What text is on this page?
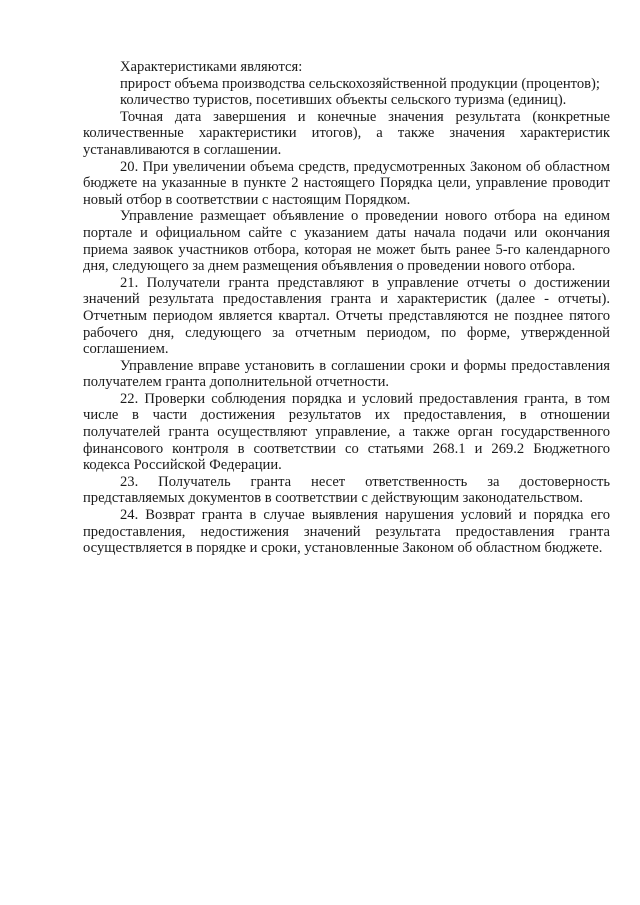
Характеристиками являются:

прирост объема производства сельскохозяйственной продукции (процентов);

количество туристов, посетивших объекты сельского туризма (единиц).

Точная дата завершения и конечные значения результата (конкретные количественные характеристики итогов), а также значения характеристик устанавливаются в соглашении.

20. При увеличении объема средств, предусмотренных Законом об областном бюджете на указанные в пункте 2 настоящего Порядка цели, управление проводит новый отбор в соответствии с настоящим Порядком.

Управление размещает объявление о проведении нового отбора на едином портале и официальном сайте с указанием даты начала подачи или окончания приема заявок участников отбора, которая не может быть ранее 5-го календарного дня, следующего за днем размещения объявления о проведении нового отбора.

21. Получатели гранта представляют в управление отчеты о достижении значений результата предоставления гранта и характеристик (далее - отчеты). Отчетным периодом является квартал. Отчеты представляются не позднее пятого рабочего дня, следующего за отчетным периодом, по форме, утвержденной соглашением.

Управление вправе установить в соглашении сроки и формы предоставления получателем гранта дополнительной отчетности.

22. Проверки соблюдения порядка и условий предоставления гранта, в том числе в части достижения результатов их предоставления, в отношении получателей гранта осуществляют управление, а также орган государственного финансового контроля в соответствии со статьями 268.1 и 269.2 Бюджетного кодекса Российской Федерации.

23. Получатель гранта несет ответственность за достоверность представляемых документов в соответствии с действующим законодательством.

24. Возврат гранта в случае выявления нарушения условий и порядка его предоставления, недостижения значений результата предоставления гранта осуществляется в порядке и сроки, установленные Законом об областном бюджете.
